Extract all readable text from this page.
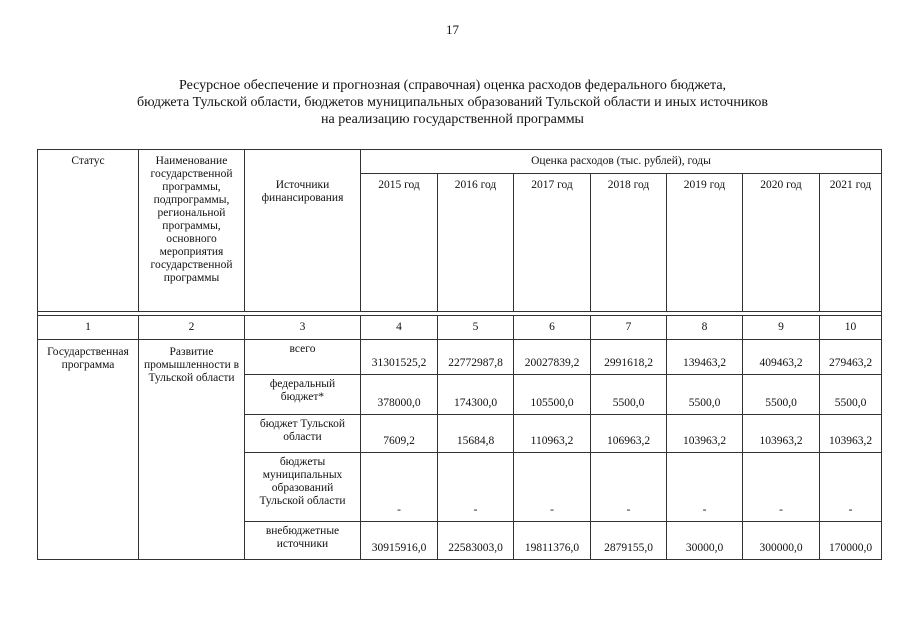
17
Ресурсное обеспечение и прогнозная (справочная) оценка расходов федерального бюджета,
бюджета Тульской области, бюджетов муниципальных образований Тульской области и иных источников
на реализацию государственной программы
Статус	Наименование государственной программы, подпрограммы, региональной программы, основного мероприятия государственной программы		Оценка расходов (тыс. рублей), годы						
		Источники финансирования	2015 год	2016 год	2017 год	2018 год	2019 год	2020 год	2021 год

1	2	3	4	5	6	7	8	9	10
Государственная программа	Развитие промышленности в Тульской области	всего	31301525,2	22772987,8	20027839,2	2991618,2	139463,2	409463,2	279463,2
		федеральный бюджет*	378000,0	174300,0	105500,0	5500,0	5500,0	5500,0	5500,0
		бюджет Тульской области	7609,2	15684,8	110963,2	106963,2	103963,2	103963,2	103963,2
		бюджеты муниципальных образований Тульской области	-	-	-	-	-	-	-
		внебюджетные источники	30915916,0	22583003,0	19811376,0	2879155,0	30000,0	300000,0	170000,0
